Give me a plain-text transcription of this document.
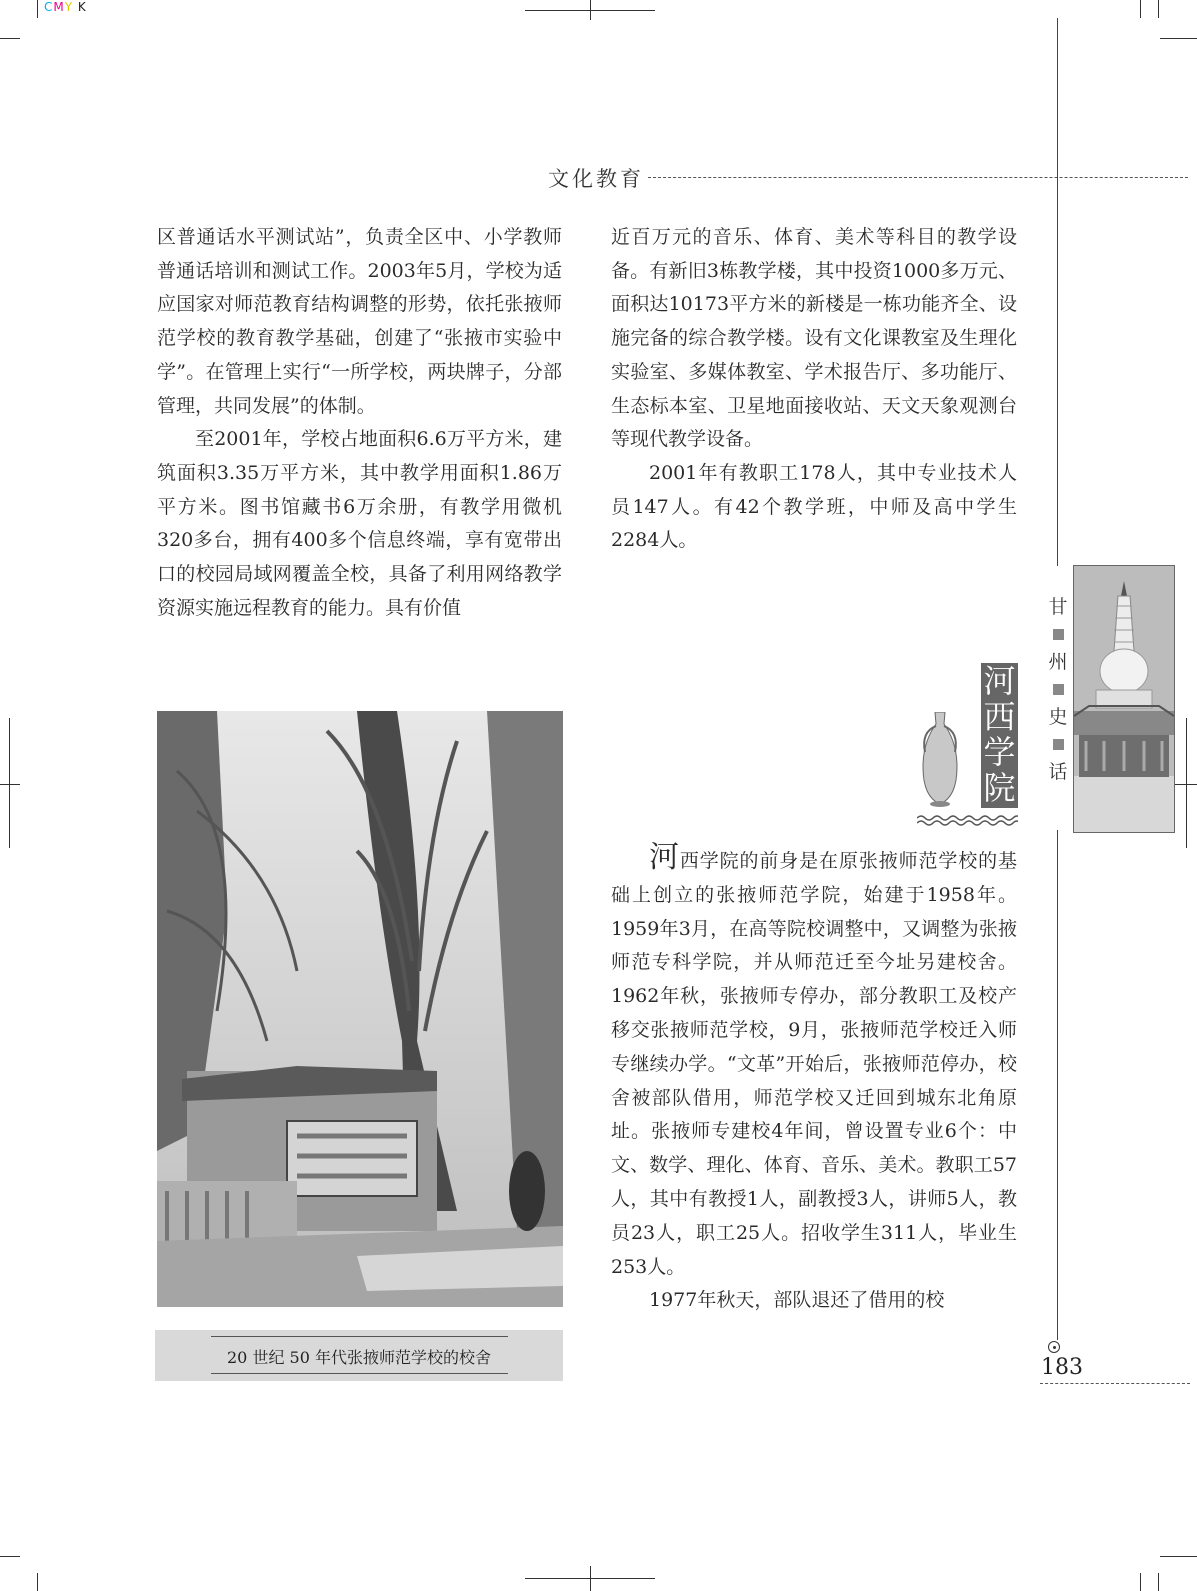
CMY K
文化教育

区普通话水平测试站”，负责全区中、小学教师普通话培训和测试工作。2003年5月，学校为适应国家对师范教育结构调整的形势，依托张掖师范学校的教育教学基础，创建了“张掖市实验中学”。在管理上实行“一所学校，两块牌子，分部管理，共同发展”的体制。

至2001年，学校占地面积6.6万平方米，建筑面积3.35万平方米，其中教学用面积1.86万平方米。图书馆藏书6万余册，有教学用微机320多台，拥有400多个信息终端，享有宽带出口的校园局域网覆盖全校，具备了利用网络教学资源实施远程教育的能力。具有价值

20 世纪 50 年代张掖师范学校的校舍

近百万元的音乐、体育、美术等科目的教学设备。有新旧3栋教学楼，其中投资1000多万元、面积达10173平方米的新楼是一栋功能齐全、设施完备的综合教学楼。设有文化课教室及生理化实验室、多媒体教室、学术报告厅、多功能厅、生态标本室、卫星地面接收站、天文天象观测台等现代教学设备。

2001年有教职工178人，其中专业技术人员147人。有42个教学班，中师及高中学生2284人。

甘
州
史
话
河
西
学
院

河西学院的前身是在原张掖师范学校的基础上创立的张掖师范学院，始建于1958年。1959年3月，在高等院校调整中，又调整为张掖师范专科学院，并从师范迁至今址另建校舍。1962年秋，张掖师专停办，部分教职工及校产移交张掖师范学校，9月，张掖师范学校迁入师专继续办学。“文革”开始后，张掖师范停办，校舍被部队借用，师范学校又迁回到城东北角原址。张掖师专建校4年间，曾设置专业6个：中文、数学、理化、体育、音乐、美术。教职工57人，其中有教授1人，副教授3人，讲师5人，教员23人，职工25人。招收学生311人，毕业生253人。

1977年秋天，部队退还了借用的校

183
